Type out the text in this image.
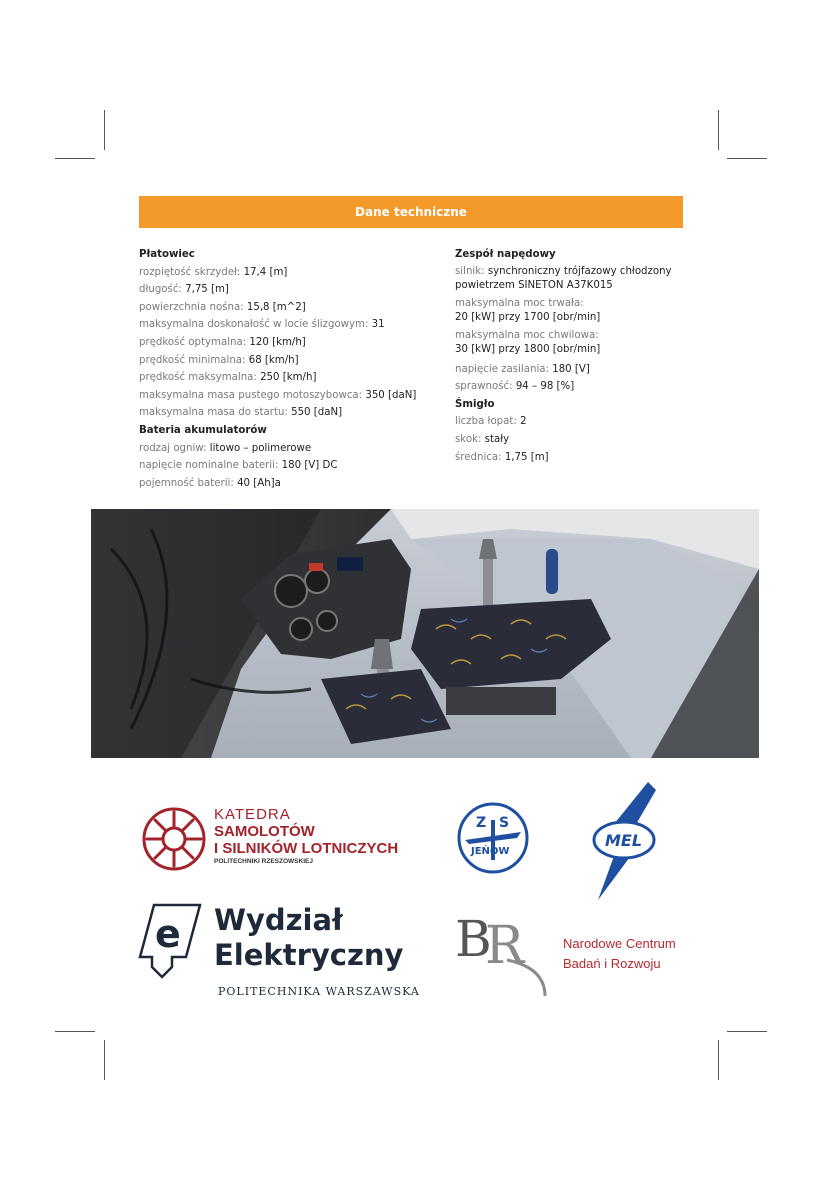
Dane techniczne
Płatowiec
rozpiętość skrzydeł: 17,4 [m]
długość: 7,75 [m]
powierzchnia nośna: 15,8 [m^2]
maksymalna doskonałość w locie ślizgowym: 31
prędkość optymalna: 120 [km/h]
prędkość minimalna: 68 [km/h]
prędkość maksymalna: 250 [km/h]
maksymalna masa pustego motoszybowca: 350 [daN]
maksymalna masa do startu: 550 [daN]
Bateria akumulatorów
rodzaj ogniw: litowo – polimerowe
napięcie nominalne baterii: 180 [V] DC
pojemność baterii: 40 [Ah]a
Zespół napędowy
silnik: synchroniczny trójfazowy chłodzony powietrzem SINETON A37K015
maksymalna moc trwała:
20 [kW] przy 1700 [obr/min]
maksymalna moc chwilowa:
30 [kW] przy 1800 [obr/min]
napięcie zasilania: 180 [V]
sprawność: 94 – 98 [%]
Śmigło
liczba łopat: 2
skok: stały
średnica: 1,75 [m]
KATEDRA
SAMOLOTÓW
I SILNIKÓW LOTNICZYCH
POLITECHNIKI RZESZOWSKIEJ
Z S
JEŃÓW
MEL
e Wydział
Elektryczny
POLITECHNIKA WARSZAWSKA
B
R	Narodowe Centrum
Badań i Rozwoju
